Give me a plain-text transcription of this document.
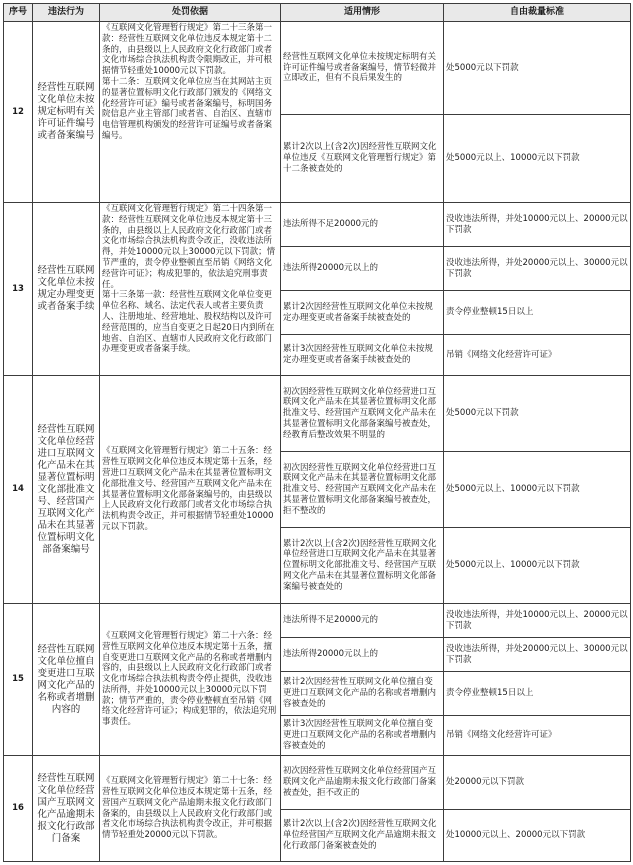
序号	违法行为	处罚依据	适用情形	自由裁量标准
12	经营性互联网文化单位未按规定标明有关许可证件编号或者备案编号	《互联网文化管理暂行规定》第二十三条第一款：经营性互联网文化单位违反本规定第十二条的，由县级以上人民政府文化行政部门或者文化市场综合执法机构责令限期改正，并可根据情节轻重处10000元以下罚款。
第十二条：互联网文化单位应当在其网站主页的显著位置标明文化行政部门颁发的《网络文化经营许可证》编号或者备案编号，标明国务院信息产业主管部门或者省、自治区、直辖市电信管理机构颁发的经营许可证编号或者备案编号。	经营性互联网文化单位未按规定标明有关许可证件编号或者备案编号，情节轻微并立即改正，但有不良后果发生的	处5000元以下罚款
			累计2次以上(含2次)因经营性互联网文化单位违反《互联网文化管理暂行规定》第十二条被查处的	处5000元以上、10000元以下罚款
13	经营性互联网文化单位未按规定办理变更或者备案手续	《互联网文化管理暂行规定》第二十四条第一款：经营性互联网文化单位违反本规定第十三条的，由县级以上人民政府文化行政部门或者文化市场综合执法机构责令改正，没收违法所得，并处10000元以上30000元以下罚款；情节严重的，责令停业整顿直至吊销《网络文化经营许可证》；构成犯罪的，依法追究刑事责任。
第十三条第一款：经营性互联网文化单位变更单位名称、域名、法定代表人或者主要负责人、注册地址、经营地址、股权结构以及许可经营范围的，应当自变更之日起20日内到所在地省、自治区、直辖市人民政府文化行政部门办理变更或者备案手续。	违法所得不足20000元的	没收违法所得，并处10000元以上、20000元以下罚款
			违法所得20000元以上的	没收违法所得，并处20000元以上、30000元以下罚款
			累计2次因经营性互联网文化单位未按规定办理变更或者备案手续被查处的	责令停业整顿15日以上
			累计3次因经营性互联网文化单位未按规定办理变更或者备案手续被查处的	吊销《网络文化经营许可证》
14	经营性互联网文化单位经营进口互联网文化产品未在其显著位置标明文化部批准文号、经营国产互联网文化产品未在其显著位置标明文化部备案编号	《互联网文化管理暂行规定》第二十五条：经营性互联网文化单位违反本规定第十五条，经营进口互联网文化产品未在其显著位置标明文化部批准文号、经营国产互联网文化产品未在其显著位置标明文化部备案编号的，由县级以上人民政府文化行政部门或者文化市场综合执法机构责令改正，并可根据情节轻重处10000元以下罚款。	初次因经营性互联网文化单位经营进口互联网文化产品未在其显著位置标明文化部批准文号、经营国产互联网文化产品未在其显著位置标明文化部备案编号被查处，经教育后整改效果不明显的	处5000元以下罚款
			初次因经营性互联网文化单位经营进口互联网文化产品未在其显著位置标明文化部批准文号、经营国产互联网文化产品未在其显著位置标明文化部备案编号被查处，拒不整改的	处5000元以上、10000元以下罚款
			累计2次以上(含2次)因经营性互联网文化单位经营进口互联网文化产品未在其显著位置标明文化部批准文号、经营国产互联网文化产品未在其显著位置标明文化部备案编号被查处的	处5000元以上、10000元以下罚款
15	经营性互联网文化单位擅自变更进口互联网文化产品的名称或者增删内容的	《互联网文化管理暂行规定》第二十六条：经营性互联网文化单位违反本规定第十五条，擅自变更进口互联网文化产品的名称或者增删内容的，由县级以上人民政府文化行政部门或者文化市场综合执法机构责令停止提供，没收违法所得，并处10000元以上30000元以下罚款；情节严重的，责令停业整顿直至吊销《网络文化经营许可证》；构成犯罪的，依法追究刑事责任。	违法所得不足20000元的	没收违法所得，并处10000元以上、20000元以下罚款
			违法所得20000元以上的	没收违法所得，并处20000元以上、30000元以下罚款
			累计2次因经营性互联网文化单位擅自变更进口互联网文化产品的名称或者增删内容被查处的	责令停业整顿15日以上
			累计3次因经营性互联网文化单位擅自变更进口互联网文化产品的名称或者增删内容被查处的	吊销《网络文化经营许可证》
16	经营性互联网文化单位经营国产互联网文化产品逾期未报文化行政部门备案	《互联网文化管理暂行规定》第二十七条：经营性互联网文化单位违反本规定第十五条，经营国产互联网文化产品逾期未报文化行政部门备案的，由县级以上人民政府文化行政部门或者文化市场综合执法机构责令改正，并可根据情节轻重处20000元以下罚款。	初次因经营性互联网文化单位经营国产互联网文化产品逾期未报文化行政部门备案被查处，拒不改正的	处20000元以下罚款
			累计2次以上(含2次)因经营性互联网文化单位经营国产互联网文化产品逾期未报文化行政部门备案被查处的	处10000元以上、20000元以下罚款
